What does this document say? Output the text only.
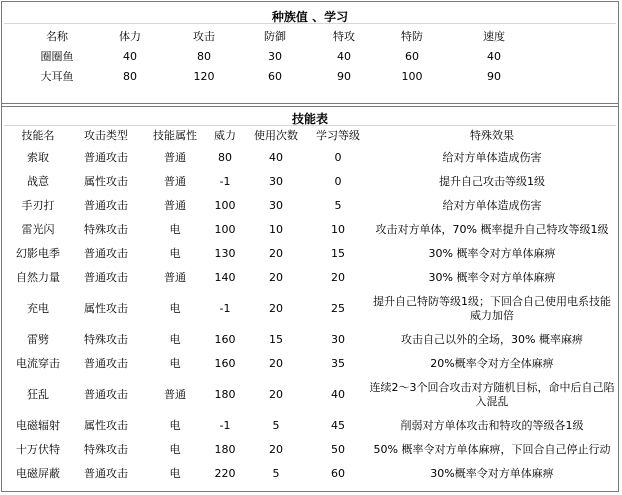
种族值 、学习
名称	体力	攻击	防御	特攻	特防	速度
圈圈鱼	40	80	30	40	60	40
大耳鱼	80	120	60	90	100	90
技能表
技能名	攻击类型	技能属性	威力	使用次数	学习等级	特殊效果
索取	普通攻击	普通	80	40	0	给对方单体造成伤害
战意	属性攻击	普通	-1	30	0	提升自己攻击等级1级
手刃打	普通攻击	普通	100	30	5	给对方单体造成伤害
雷光闪	特殊攻击	电	100	10	10	攻击对方单体，70% 概率提升自己特攻等级1级
幻影电季	普通攻击	电	130	20	15	30% 概率令对方单体麻痹
自然力量	普通攻击	普通	140	20	20	30% 概率令对方单体麻痹
充电	属性攻击	电	-1	20	25	提升自己特防等级1级；下回合自己使用电系技能威力加倍
雷劈	特殊攻击	电	160	15	30	攻击自己以外的全场，30% 概率麻痹
电流穿击	普通攻击	电	160	20	35	20%概率令对方全体麻痹
狂乱	普通攻击	普通	180	20	40	连续2～3个回合攻击对方随机目标，命中后自己陷入混乱
电磁辐射	属性攻击	电	-1	5	45	削弱对方单体攻击和特攻的等级各1级
十万伏特	特殊攻击	电	180	20	50	50% 概率令对方单体麻痹，下回合自己停止行动
电磁屏蔽	普通攻击	电	220	5	60	30%概率令对方单体麻痹
